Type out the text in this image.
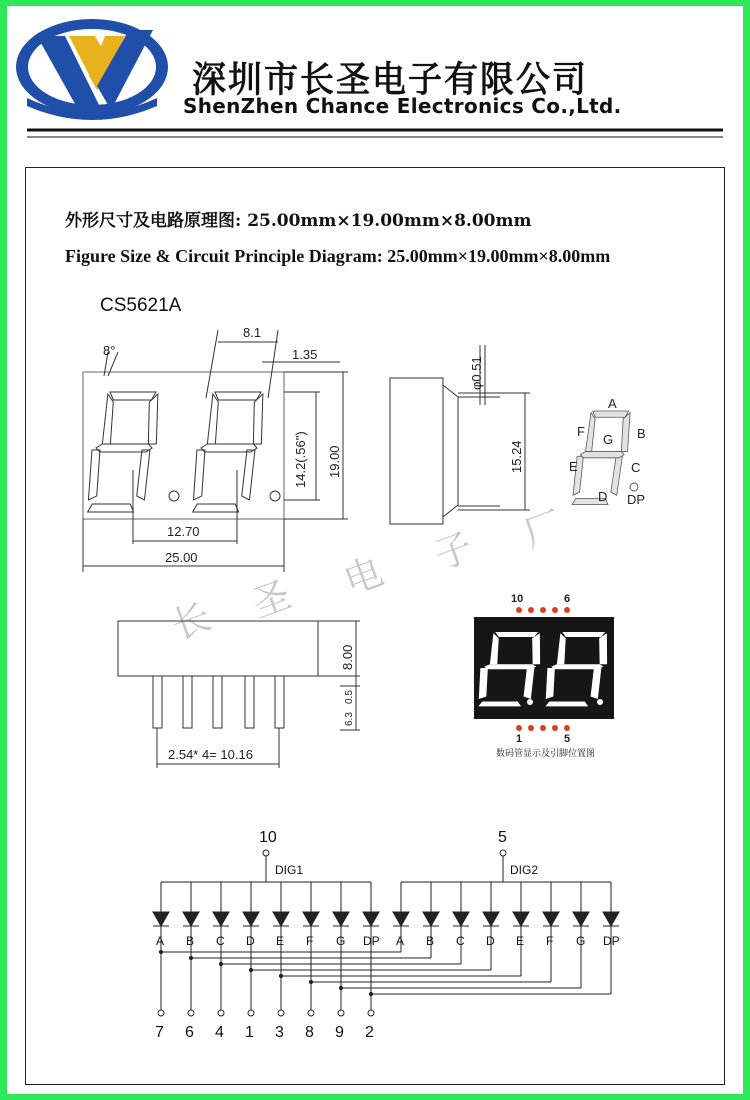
深圳市长圣电子有限公司
ShenZhen Chance Electronics Co.,Ltd.
外形尺寸及电路原理图: 25.00mm×19.00mm×8.00mm
Figure Size & Circuit Principle Diagram: 25.00mm×19.00mm×8.00mm
CS5621A
长 圣 电 子 厂
8°
8.1
1.35
14.2(.56") 19.00
12.70
25.00
φ0.51
15.24
A
B
C
D
E
F
G
DP
8.00
0.5
6.3
2.54* 4= 10.16
10	6
1	5
数码管显示及引脚位置图
10	5
DIG1	DIG2
A B C D E F G DP A B C D E F G DP
7 6 4 1 3 8 9 2
